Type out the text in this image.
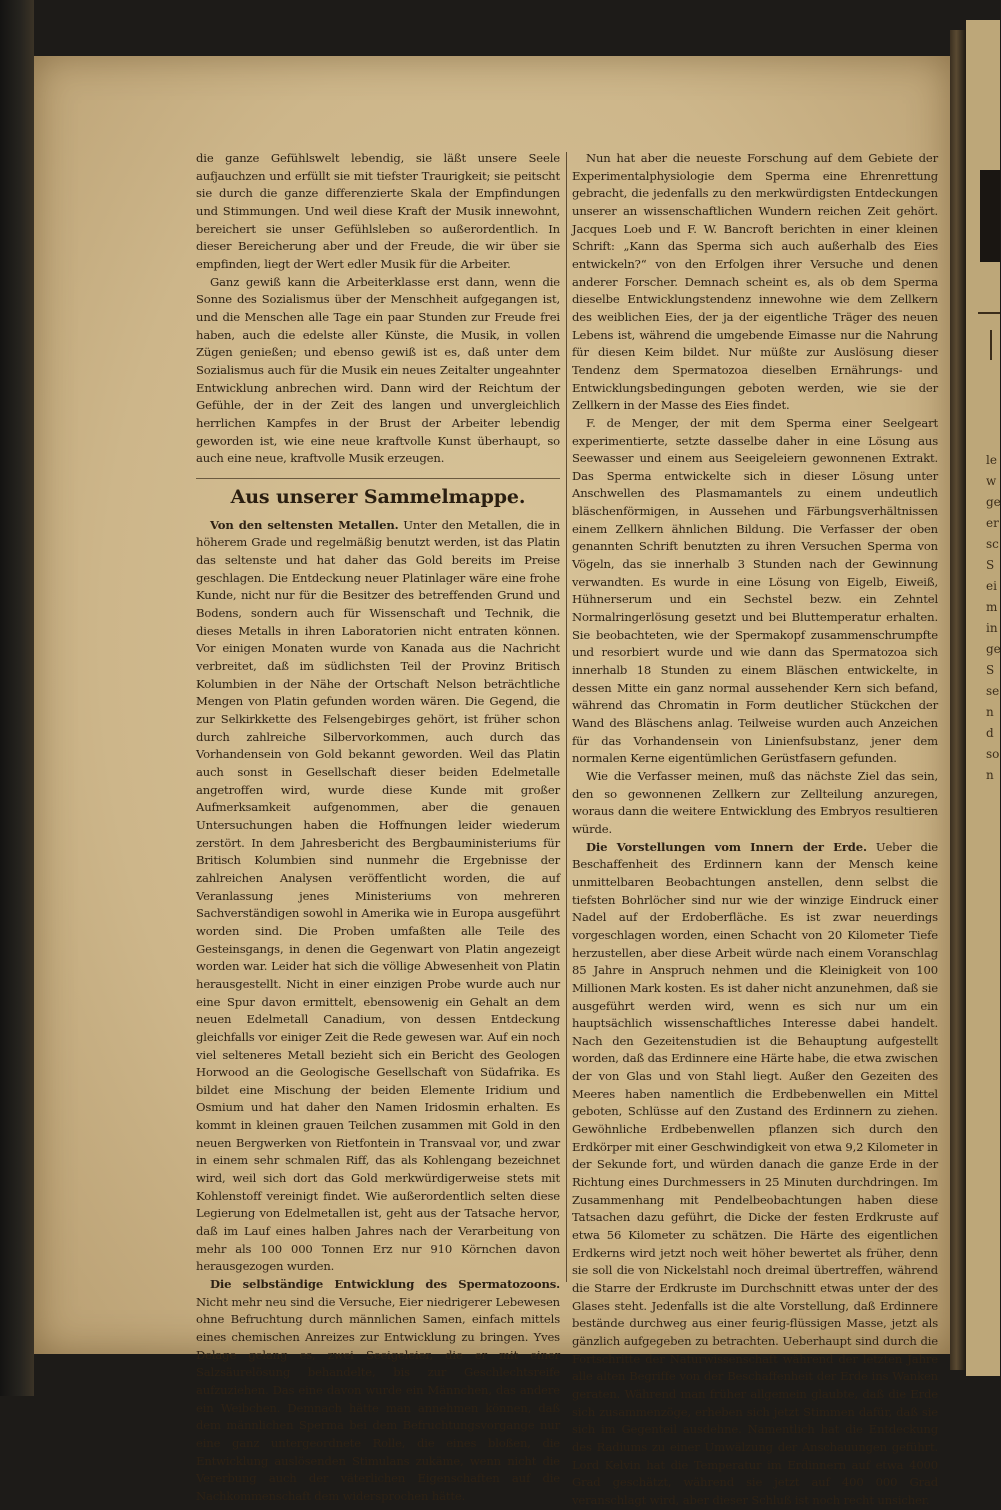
die ganze Gefühlswelt lebendig, sie läßt unsere Seele aufjauchzen und erfüllt sie mit tiefster Traurigkeit; sie peitscht sie durch die ganze differenzierte Skala der Empfindungen und Stimmungen. Und weil diese Kraft der Musik innewohnt, bereichert sie unser Gefühlsleben so außerordentlich. In dieser Bereicherung aber und der Freude, die wir über sie empfinden, liegt der Wert edler Musik für die Arbeiter.

Ganz gewiß kann die Arbeiterklasse erst dann, wenn die Sonne des Sozialismus über der Menschheit aufgegangen ist, und die Menschen alle Tage ein paar Stunden zur Freude frei haben, auch die edelste aller Künste, die Musik, in vollen Zügen genießen; und ebenso gewiß ist es, daß unter dem Sozialismus auch für die Musik ein neues Zeitalter ungeahnter Entwicklung anbrechen wird. Dann wird der Reichtum der Gefühle, der in der Zeit des langen und unvergleichlich herrlichen Kampfes in der Brust der Arbeiter lebendig geworden ist, wie eine neue kraftvolle Kunst überhaupt, so auch eine neue, kraftvolle Musik erzeugen.

Aus unserer Sammelmappe.

Von den seltensten Metallen. Unter den Metallen, die in höherem Grade und regelmäßig benutzt werden, ist das Platin das seltenste und hat daher das Gold bereits im Preise geschlagen. Die Entdeckung neuer Platinlager wäre eine frohe Kunde, nicht nur für die Besitzer des betreffenden Grund und Bodens, sondern auch für Wissenschaft und Technik, die dieses Metalls in ihren Laboratorien nicht entraten können. Vor einigen Monaten wurde von Kanada aus die Nachricht verbreitet, daß im südlichsten Teil der Provinz Britisch Kolumbien in der Nähe der Ortschaft Nelson beträchtliche Mengen von Platin gefunden worden wären. Die Gegend, die zur Selkirkkette des Felsengebirges gehört, ist früher schon durch zahlreiche Silbervorkommen, auch durch das Vorhandensein von Gold bekannt geworden. Weil das Platin auch sonst in Gesellschaft dieser beiden Edelmetalle angetroffen wird, wurde diese Kunde mit großer Aufmerksamkeit aufgenommen, aber die genauen Untersuchungen haben die Hoffnungen leider wiederum zerstört. In dem Jahresbericht des Bergbauministeriums für Britisch Kolumbien sind nunmehr die Ergebnisse der zahlreichen Analysen veröffentlicht worden, die auf Veranlassung jenes Ministeriums von mehreren Sachverständigen sowohl in Amerika wie in Europa ausgeführt worden sind. Die Proben umfaßten alle Teile des Gesteinsgangs, in denen die Gegenwart von Platin angezeigt worden war. Leider hat sich die völlige Abwesenheit von Platin herausgestellt. Nicht in einer einzigen Probe wurde auch nur eine Spur davon ermittelt, ebensowenig ein Gehalt an dem neuen Edelmetall Canadium, von dessen Entdeckung gleichfalls vor einiger Zeit die Rede gewesen war. Auf ein noch viel selteneres Metall bezieht sich ein Bericht des Geologen Horwood an die Geologische Gesellschaft von Südafrika. Es bildet eine Mischung der beiden Elemente Iridium und Osmium und hat daher den Namen Iridosmin erhalten. Es kommt in kleinen grauen Teilchen zusammen mit Gold in den neuen Bergwerken von Rietfontein in Transvaal vor, und zwar in einem sehr schmalen Riff, das als Kohlengang bezeichnet wird, weil sich dort das Gold merkwürdigerweise stets mit Kohlenstoff vereinigt findet. Wie außerordentlich selten diese Legierung von Edelmetallen ist, geht aus der Tatsache hervor, daß im Lauf eines halben Jahres nach der Verarbeitung von mehr als 100 000 Tonnen Erz nur 910 Körnchen davon herausgezogen wurden.

Die selbständige Entwicklung des Spermatozoons. Nicht mehr neu sind die Versuche, Eier niedrigerer Lebewesen ohne Befruchtung durch männlichen Samen, einfach mittels eines chemischen Anreizes zur Entwicklung zu bringen. Yves Delage gelang es, zwei Seeigeleier, die er mit einer Salzsäurelösung behandelte, bis zur Geschlechtsreife aufzuziehen. Das eine davon wurde ein Männchen, das andere ein Weibchen. Demnach hätte man annehmen können, daß dem männlichen Sperma bei dem Befruchtungsvorgange nur eine ganz untergeordnete Rolle, die eines bloßen, die Entwicklung auslösenden Stimulans zukäme, wenn nicht die Vererbung auch der väterlichen Eigenschaften auf die Nachkommenschaft dem widersprochen hätte.

Nun hat aber die neueste Forschung auf dem Gebiete der Experimentalphysiologie dem Sperma eine Ehrenrettung gebracht, die jedenfalls zu den merkwürdigsten Entdeckungen unserer an wissenschaftlichen Wundern reichen Zeit gehört. Jacques Loeb und F. W. Bancroft berichten in einer kleinen Schrift: „Kann das Sperma sich auch außerhalb des Eies entwickeln?“ von den Erfolgen ihrer Versuche und denen anderer Forscher. Demnach scheint es, als ob dem Sperma dieselbe Entwicklungstendenz innewohne wie dem Zellkern des weiblichen Eies, der ja der eigentliche Träger des neuen Lebens ist, während die umgebende Eimasse nur die Nahrung für diesen Keim bildet. Nur müßte zur Auslösung dieser Tendenz dem Spermatozoa dieselben Ernährungs- und Entwicklungsbedingungen geboten werden, wie sie der Zellkern in der Masse des Eies findet.

F. de Menger, der mit dem Sperma einer Seelgeart experimentierte, setzte dasselbe daher in eine Lösung aus Seewasser und einem aus Seeigeleiern gewonnenen Extrakt. Das Sperma entwickelte sich in dieser Lösung unter Anschwellen des Plasmamantels zu einem undeutlich bläschenförmigen, in Aussehen und Färbungsverhältnissen einem Zellkern ähnlichen Bildung. Die Verfasser der oben genannten Schrift benutzten zu ihren Versuchen Sperma von Vögeln, das sie innerhalb 3 Stunden nach der Gewinnung verwandten. Es wurde in eine Lösung von Eigelb, Eiweiß, Hühnerserum und ein Sechstel bezw. ein Zehntel Normalringerlösung gesetzt und bei Bluttemperatur erhalten. Sie beobachteten, wie der Spermakopf zusammenschrumpfte und resorbiert wurde und wie dann das Spermatozoa sich innerhalb 18 Stunden zu einem Bläschen entwickelte, in dessen Mitte ein ganz normal aussehender Kern sich befand, während das Chromatin in Form deutlicher Stückchen der Wand des Bläschens anlag. Teilweise wurden auch Anzeichen für das Vorhandensein von Linienfsubstanz, jener dem normalen Kerne eigentümlichen Gerüstfasern gefunden.

Wie die Verfasser meinen, muß das nächste Ziel das sein, den so gewonnenen Zellkern zur Zellteilung anzuregen, woraus dann die weitere Entwicklung des Embryos resultieren würde.

Die Vorstellungen vom Innern der Erde. Ueber die Beschaffenheit des Erdinnern kann der Mensch keine unmittelbaren Beobachtungen anstellen, denn selbst die tiefsten Bohrlöcher sind nur wie der winzige Eindruck einer Nadel auf der Erdoberfläche. Es ist zwar neuerdings vorgeschlagen worden, einen Schacht von 20 Kilometer Tiefe herzustellen, aber diese Arbeit würde nach einem Voranschlag 85 Jahre in Anspruch nehmen und die Kleinigkeit von 100 Millionen Mark kosten. Es ist daher nicht anzunehmen, daß sie ausgeführt werden wird, wenn es sich nur um ein hauptsächlich wissenschaftliches Interesse dabei handelt. Nach den Gezeitenstudien ist die Behauptung aufgestellt worden, daß das Erdinnere eine Härte habe, die etwa zwischen der von Glas und von Stahl liegt. Außer den Gezeiten des Meeres haben namentlich die Erdbebenwellen ein Mittel geboten, Schlüsse auf den Zustand des Erdinnern zu ziehen. Gewöhnliche Erdbebenwellen pflanzen sich durch den Erdkörper mit einer Geschwindigkeit von etwa 9,2 Kilometer in der Sekunde fort, und würden danach die ganze Erde in der Richtung eines Durchmessers in 25 Minuten durchdringen. Im Zusammenhang mit Pendelbeobachtungen haben diese Tatsachen dazu geführt, die Dicke der festen Erdkruste auf etwa 56 Kilometer zu schätzen. Die Härte des eigentlichen Erdkerns wird jetzt noch weit höher bewertet als früher, denn sie soll die von Nickelstahl noch dreimal übertreffen, während die Starre der Erdkruste im Durchschnitt etwas unter der des Glases steht. Jedenfalls ist die alte Vorstellung, daß Erdinnere bestände durchweg aus einer feurig-flüssigen Masse, jetzt als gänzlich aufgegeben zu betrachten. Ueberhaupt sind durch die Fortschritte der Naturwissenschaft während der letzten Jahre alle alten Begriffe von der Beschaffenheit der Erde ins Wanken geraten. Während man früher allgemein glaubte, daß die Erde sich zusammenzöge, erheben sich jetzt Stimmen dafür, daß sie sich im Gegenteil ausdehne. Namentlich hat die Entdeckung des Radiums zu einer Umwälzung der Anschauungen geführt. Lord Kelvin hat die Temperatur im Erdinnern auf etwa 4000 Grad geschätzt, während sie jetzt auf 400 000 Grad veranschlagt wird, aber dieser Schluß ist noch recht unsicher.

le
w
ge
er
sc
S
ei
m
in
ge
S
se
n
d
so
n
